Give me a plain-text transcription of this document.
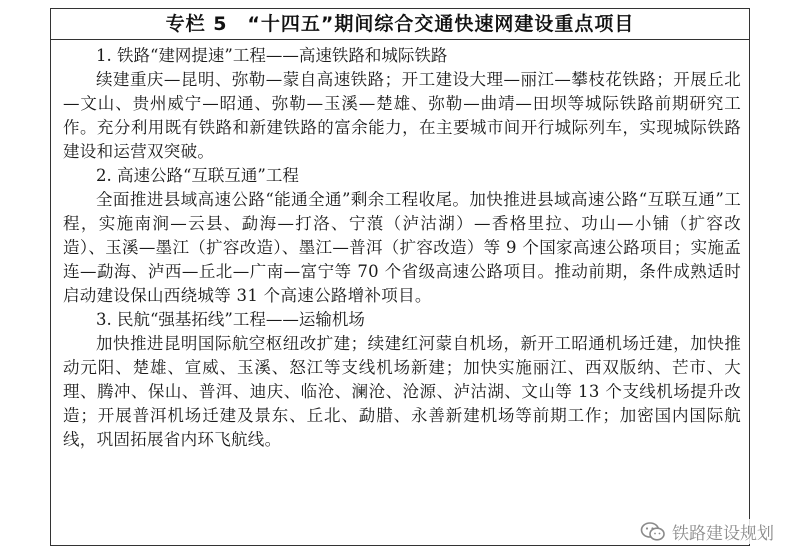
专栏 5　“十四五”期间综合交通快速网建设重点项目

1. 铁路“建网提速”工程——高速铁路和城际铁路

续建重庆—昆明、弥勒—蒙自高速铁路；开工建设大理—丽江—攀枝花铁路；开展丘北—文山、贵州威宁—昭通、弥勒—玉溪—楚雄、弥勒—曲靖—田坝等城际铁路前期研究工作。充分利用既有铁路和新建铁路的富余能力，在主要城市间开行城际列车，实现城际铁路建设和运营双突破。

2. 高速公路“互联互通”工程

全面推进县域高速公路“能通全通”剩余工程收尾。加快推进县域高速公路“互联互通”工程，实施南涧—云县、勐海—打洛、宁蒗（泸沽湖）—香格里拉、功山—小铺（扩容改造）、玉溪—墨江（扩容改造）、墨江—普洱（扩容改造）等 9 个国家高速公路项目；实施孟连—勐海、泸西—丘北—广南—富宁等 70 个省级高速公路项目。推动前期，条件成熟适时启动建设保山西绕城等 31 个高速公路增补项目。

3. 民航“强基拓线”工程——运输机场

加快推进昆明国际航空枢纽改扩建；续建红河蒙自机场，新开工昭通机场迁建，加快推动元阳、楚雄、宣威、玉溪、怒江等支线机场新建；加快实施丽江、西双版纳、芒市、大理、腾冲、保山、普洱、迪庆、临沧、澜沧、沧源、泸沽湖、文山等 13 个支线机场提升改造；开展普洱机场迁建及景东、丘北、勐腊、永善新建机场等前期工作；加密国内国际航线，巩固拓展省内环飞航线。

铁路建设规划
